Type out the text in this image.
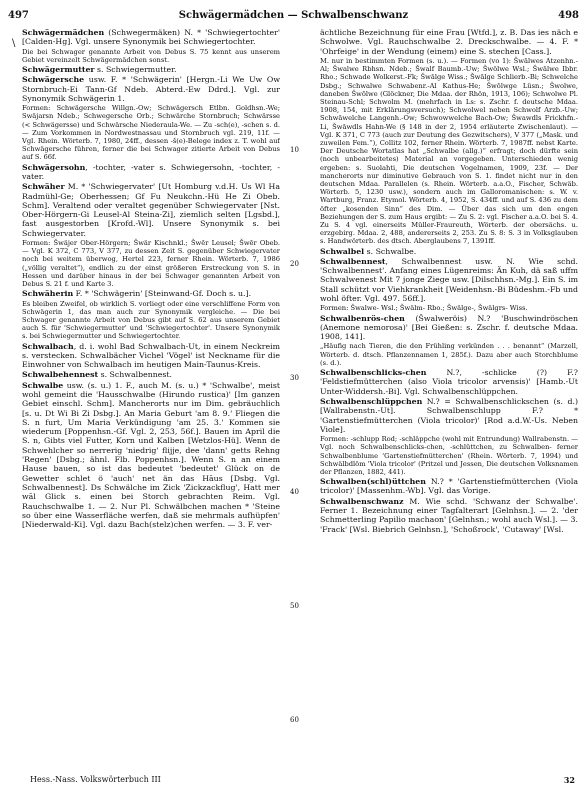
497	Schwägermädchen — Schwalbenschwanz	498
\

Schwägermädchen (Schwegermäken) N. * 'Schwiegertochter' [Calden-Hg]. Vgl. unsere Synonymik bei Schwiegertochter.

Die bei Schwager genannte Arbeit von Debus S. 75 kennt aus unserem Gebiet vereinzelt Schwägermädchen sonst.

Schwägermutter s. Schwiegermutter.

Schwägersche usw. F. * 'Schwägerin' [Hergn.-Li We Uw Ow Stornbruch-Ei Tann-Gf Ndeb. Abterd.-Ew Ddrd.]. Vgl. zur Synonymik Schwägerin 1.

Formen: Schwägersche Willgn.-Ow; Schwägersch Etlbn. Goldhsn.-We; Swäjarsn Ndeb.; Schwegersche Orb.; Schwärche Stornbruch; Schwärsse (< Schwägersse) und Schwärsche Niederaula-We. — Zu -sch(e), -schen s. d. — Zum Vorkommen in Nordwestnassau und Stornbruch vgl. 219, 11f. — Vgl. Rhein. Wörterb. 7, 1980, 24ff., dessen -š(e)-Belege index z. T. wohl auf Schwägersche führen, ferner die bei Schwager zitierte Arbeit von Debus auf S. 66f.

Schwägersohn, -tochter, -vater s. Schwiegersohn, -tochter, -vater.

Schwäher M. * 'Schwiegervater' [Ut Homburg v.d.H. Us Wl Ha Radmühl-Ge; Oberhessen; Gf Fu Neukchn.-Hü He Zi Obeb. Schm]. Veraltend oder veraltet gegenüber Schwiegervater [Nst. Ober-Hörgern-Gi Leusel-Al Steina-Zi], ziemlich selten [Lgsbd.], fast ausgestorben [Krofd.-Wl]. Unsere Synonymik s. bei Schwiegervater.

Formen: Šwäjer Ober-Hörgern; Šwär Kischnkl.; Šwēr Leusel; Šwēr Obeb. — Vgl. K 372, C 773, V 377, zu dessen Zeit S. gegenüber Schwiegervater noch bei weitem überwog, Hertel 223, ferner Rhein. Wörterb. 7, 1986 („völlig veraltet“), endlich zu der einst größeren Erstreckung von S. in Hessen und darüber hinaus in der bei Schwager genannten Arbeit von Debus S. 21 f. und Karte 3.

Schwäherin F. * 'Schwägerin' [Steinwand-Gf. Doch s. u.].

Es bleiben Zweifel, ob wirklich S. vorliegt oder eine verschliffene Form von Schwägerin 1, das man auch zur Synonymik vergleiche. — Die bei Schwager genannte Arbeit von Debus gibt auf S. 62 aus unserem Gebiet auch S. für 'Schwiegermutter' und 'Schwiegertochter'. Unsere Synonymik s. bei Schwiegermutter und Schwiegertochter.

Schwalbach, d. i. wohl Bad Schwalbach-Ut, in einem Neckreim s. verstecken. Schwalbächer Vichel 'Vögel' ist Neckname für die Einwohner von Schwalbach im heutigen Main-Taunus-Kreis.

Schwalbehennest s. Schwalbennest.

Schwalbe usw. (s. u.) 1. F., auch M. (s. u.) * 'Schwalbe', meist wohl gemeint die 'Hausschwalbe (Hirundo rustica)' [Im ganzen Gebiet einschl. Schm]. Mancherorts nur im Dim. gebräuchlich [s. u. Dt Wi Bi Zi Dsbg.]. An Maria Geburt 'am 8. 9.' Fliegen die S. n furt, Um Maria Verkündigung 'am 25. 3.' Kommen sie wiederum [Poppenhsn.-Gf. Vgl. 2, 253, 56f.]. Bauen im April die S. n, Gibts viel Futter, Korn und Kalben [Wetzlos-Hü]. Wenn de Schwehlcher so nerrerig 'niedrig' flijje, dee 'dann' getts Rehng 'Regen' [Dsbg.; ähnl. Flb. Poppenhsn.]. Wenn S. n an einem Hause bauen, so ist das bedeutet 'bedeutet' Glück on de Gewetter schlet ö 'auch' net än das Hāus [Dsbg. Vgl. Schwalbennest]. Ds Schwälche im Zick 'Zickzackflug', Hatt mer wāl Glick s. einen bei Storch gebrachten Reim. Vgl. Rauchschwalbe 1. — 2. Nur Pl. Schwälbchen machen * 'Steine so über eine Wasserfläche werfen, daß sie mehrmals aufhüpfen' [Niederwald-Ki]. Vgl. dazu Bach(stelz)chen werfen. — 3. F. ver-

10
20
30
40
50
60

ächtliche Bezeichnung für eine Frau [Wtfd.], z. B. Das ies näch e Schwolwe. Vgl. Rauchschwalbe 2. Dreckschwalbe. — 4. F. * 'Ohrfeige' in der Wendung (einem) eine S. stechen [Cass.].

M. nur in bestimmten Formen (s. u.). — Formen (vo 1): Šwālwes Atzenhn.-Al; Šwalwe Rbhsn. Ndeb.; Šwalf Baumb.-Uw; Šwölwe Wsl.; Šwālwe Ibbr. Rho.; Schwade Wolkerst.-Fk; Šwālge Wiss.; Šwālge Schlierb.-Bi; Schwelche Dsbg.; Schwalwe Schwabenr.-Al Kathus-He; Šwōlwge Lüsn.; Šwolwe, daneben Šwōlwe (Glöckner, Die Mdaa. der Rhön, 1913, 106); Schwolwe Pl. Steinau-Schl; Schwolm M. (mehrfach in Ls: s. Zschr. f. deutsche Mdaa. 1908, 154, mit Erklärungsversuch); Schwolwel neben Schwolf Arzb.-Uw; Schwāwelche Langenh.-Ow; Schwowwelche Bach-Ow; Šwawdls Frickhfn.-Li, Šwāwdls Hahn-We (§ 148 in der 2, 1954 erläuterte Zwischenlaut). — Vgl. K 371, C 773 (auch zur Deutung des Gezwitschers), V 377 („Mask. und zuweilen Fem.“), Collitz 102, ferner Rhein. Wörterb. 7, 1987ff. nebst Karte. Der Deutsche Wortatlas hat „Schwalbe (allg.)“ erfragt; doch dürfte sein (noch unbearbeitetes) Material an vorgegeben. Unterschieden wenig ergeben: s. Suolahti, Die deutschen Vogelnamen, 1909, 23f. — Der mancherorts nur diminutive Gebrauch von S. 1. findet nicht nur in den deutschen Mdaa. Parallelen (s. Rhein. Wörterb. a.a.O., Fischer, Schwäb. Wörterb. 5, 1230 usw.), sondern auch im Galloromanischen: s. W. v. Wartburg, Franz. Etymol. Wörterb. 4, 1952, S. 434ff. und auf S. 436 zu dem öfter „kosenden Sinn“ des Dim. — Über das sich um den engen Beziehungen der S. zum Haus ergibt: — Zu S. 2: vgl. Fischer a.a.O. bei S. 4. Zu S. 4 vgl. einerseits Müller-Fraureuth, Wörterb. der obersächs. u. erzgebirg. Mdaa. 2, 488, andererseits 2, 253. Zu S. 8: S. 3 in Volksglauben s. Handwörterb. des dtsch. Aberglaubens 7, 1391ff.

Schwalbel s. Schwalbe.

Schwalbennest, Schwalbennest usw. N. Wie schd. 'Schwalbennest'. Anfang eines Lügenreims: Än Kuh, dä saß uffm Schwalwenest Mit 7 jonge Ziege usw. [Dilschhsn.-Mg.]. Ein S. im Stall schützt vor Viehkrankheit [Weidenhsn.-Bi Büdeshm.-Fb und wohl öfter. Vgl. 497. 56ff.].

Formen: Šwalwe- Wsl.; Šwälm- Rbo.; Šwälge-, Šwälgrs- Wiss.

Schwalbenrös-chen (Šwalweröis) N.? 'Buschwindröschen (Anemone nemorosa)' [Bei Gießen: s. Zschr. f. deutsche Mdaa. 1908, 141].

„Häufig nach Tieren, die den Frühling verkünden . . . benannt“ (Marzell, Wörterb. d. dtsch. Pflanzennamen 1, 285f.). Dazu aber auch Storchblume (s. d.).

Schwalbenschlicks-chen N.?, -schlicke (?) F.? 'Feldstiefmütterchen (also Viola tricolor arvensis)' [Hamb.-Ut Unter-Widdersh.-Bi]. Vgl. Schwalbenschlüppchen.

Schwalbenschlüppchen N.? = Schwalbenschlickschen (s. d.) [Wallrabenstn.-Ut]. Schwalbenschlupp F.? * 'Gartenstiefmütterchen (Viola tricolor)' [Rod a.d.W.-Us. Neben Viole].

Formen: -schlupp Rod; -schläppche (wohl mit Entrundung) Wallrabenstn. — Vgl. noch Schwalbenschlicks-chen, -schlüttchen, zu Schwalben- ferner Schwalbenblume 'Gartenstiefmütterchen' (Rhein. Wörterb. 7, 1994) und Schwälbdlöm 'Viola tricolor' (Pritzel und Jessen, Die deutschen Volksnamen der Pflanzen, 1882, 441).

Schwalben(schl)üttchen N.? * 'Gartenstiefmütterchen (Viola tricolor)' [Massenhm.-Wb]. Vgl. das Vorige.

Schwalbenschwanz M. Wie schd. 'Schwanz der Schwalbe'. Ferner 1. Bezeichnung einer Tagfalterart [Gelnhsn.]. — 2. 'der Schmetterling Papilio machaon' [Gelnhsn.; wohl auch Wsl.]. — 3. 'Frack' [Wsl. Biebrich Gelnhsn.], 'Schoßrock', 'Cutaway' [Wsl.

Hess.-Nass. Volkswörterbuch III	32
